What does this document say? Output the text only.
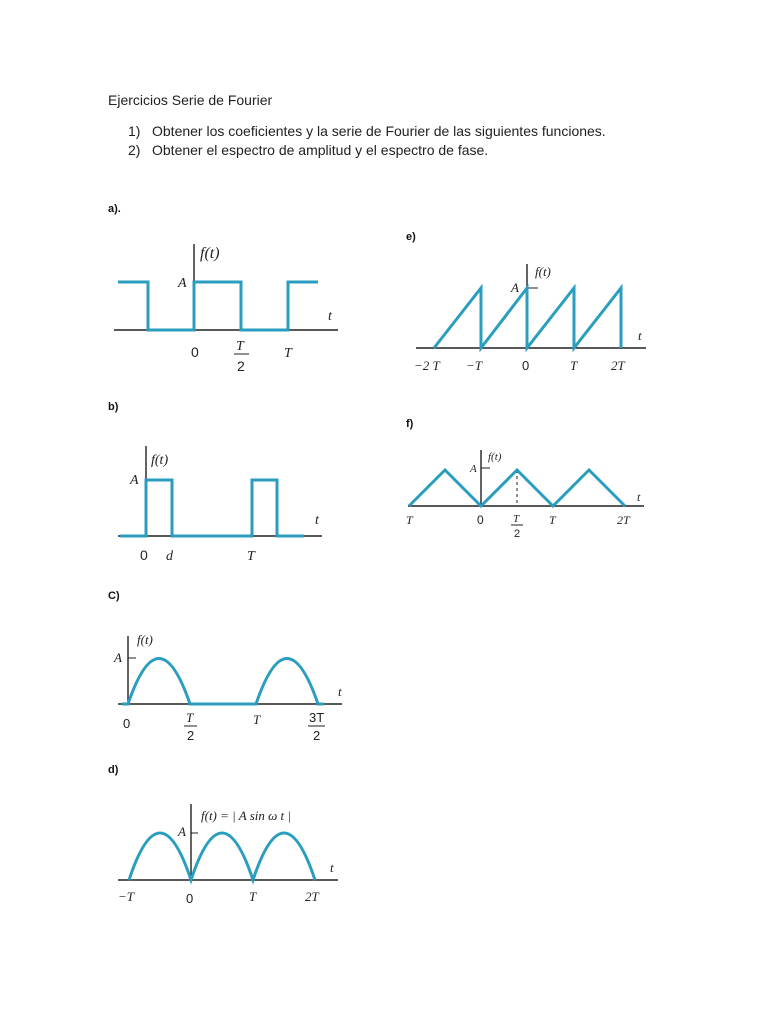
Ejercicios Serie de Fourier
1) Obtener los coeficientes y la serie de Fourier de las siguientes funciones.
2) Obtener el espectro de amplitud y el espectro de fase.
a).
f(t)
A
t
0	T
2
T
b)
f(t)
A
t
0 d	T
C)
f(t)
A
t
0	T
2
T	3T
2
d)
f(t) = | A sin ω t |
A
t
−T	0	T	2T
e)
f(t)
A
t
−2 T −T	0	T	2T
f)
f(t)
A
t
T	0	T
2
T	2T
